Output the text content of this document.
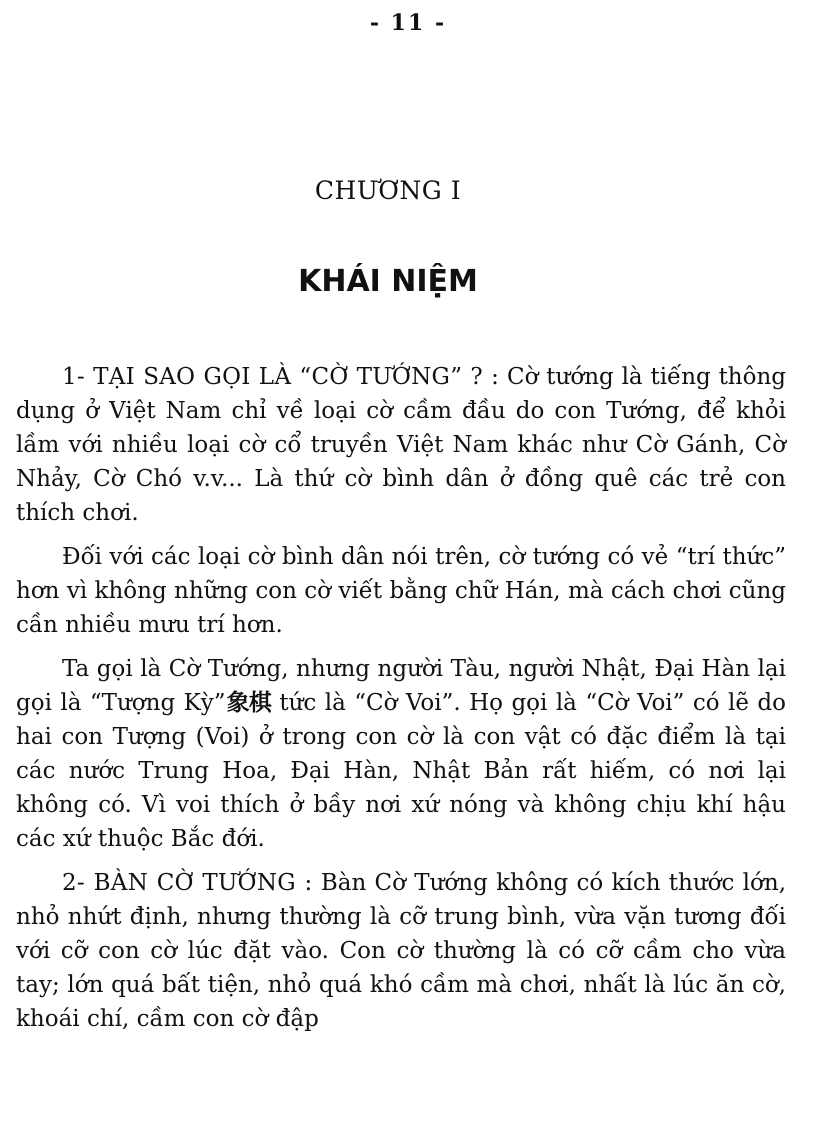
- 11 -
CHƯƠNG I
KHÁI NIỆM

1- TẠI SAO GỌI LÀ “CỜ TƯỚNG” ? : Cờ tướng là tiếng thông dụng ở Việt Nam chỉ về loại cờ cầm đầu do con Tướng, để khỏi lầm với nhiều loại cờ cổ truyền Việt Nam khác như Cờ Gánh, Cờ Nhảy, Cờ Chó v.v... Là thứ cờ bình dân ở đồng quê các trẻ con thích chơi.

Đối với các loại cờ bình dân nói trên, cờ tướng có vẻ “trí thức” hơn vì không những con cờ viết bằng chữ Hán, mà cách chơi cũng cần nhiều mưu trí hơn.

Ta gọi là Cờ Tướng, nhưng người Tàu, người Nhật, Đại Hàn lại gọi là “Tượng Kỳ”象棋 tức là “Cờ Voi”. Họ gọi là “Cờ Voi” có lẽ do hai con Tượng (Voi) ở trong con cờ là con vật có đặc điểm là tại các nước Trung Hoa, Đại Hàn, Nhật Bản rất hiếm, có nơi lại không có. Vì voi thích ở bầy nơi xứ nóng và không chịu khí hậu các xứ thuộc Bắc đới.

2- BÀN CỜ TƯỚNG : Bàn Cờ Tướng không có kích thước lớn, nhỏ nhứt định, nhưng thường là cỡ trung bình, vừa vặn tương đối với cỡ con cờ lúc đặt vào. Con cờ thường là có cỡ cầm cho vừa tay; lớn quá bất tiện, nhỏ quá khó cầm mà chơi, nhất là lúc ăn cờ, khoái chí, cầm con cờ đập
